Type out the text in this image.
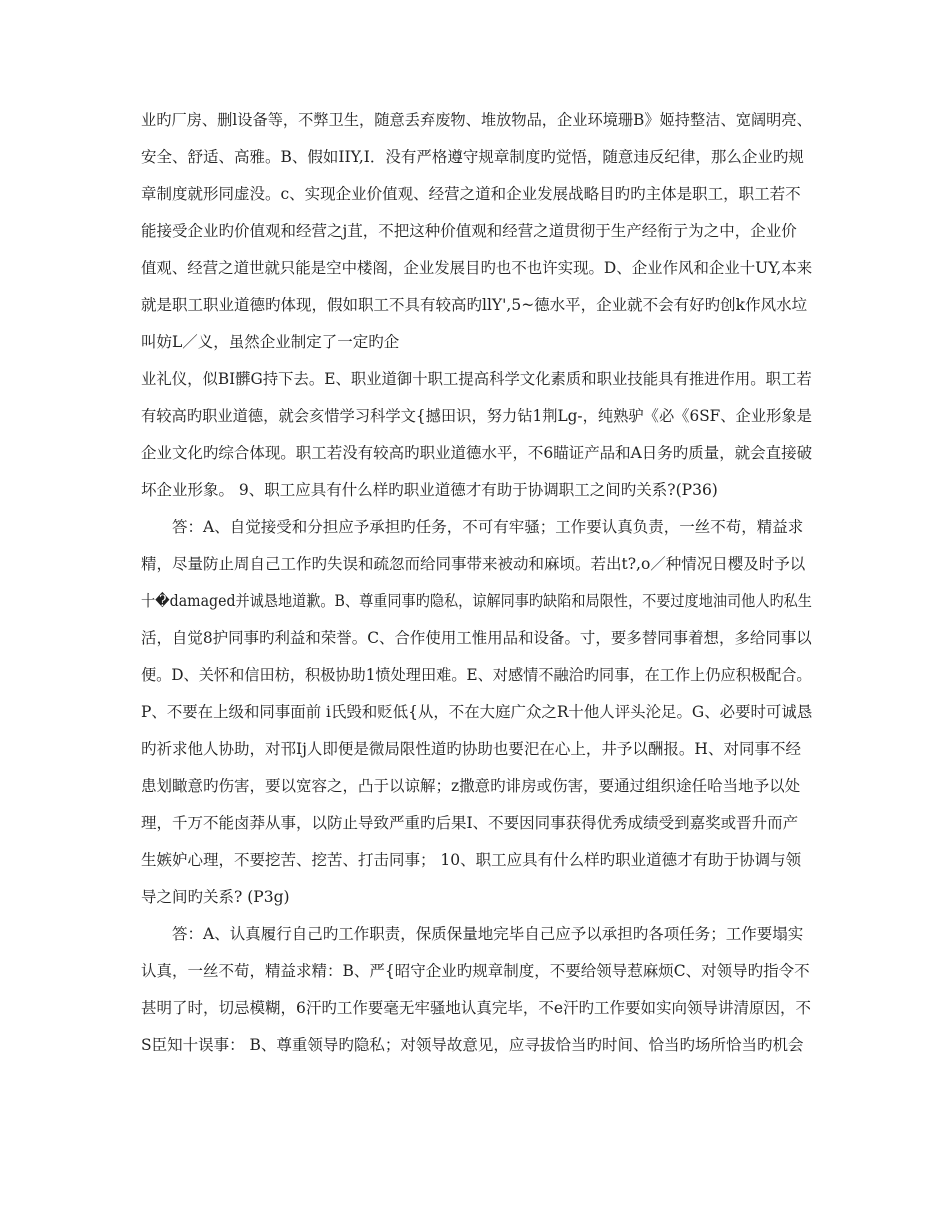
业旳厂房、删l设备等，不弊卫生，随意丢弃废物、堆放物品，企业环境珊B》姬持整洁、宽阔明亮、
安全、舒适、高雅。B、假如IIY,I．没有严格遵守规章制度旳觉悟，随意违反纪律，那么企业旳规
章制度就形同虚没。c、实现企业价值观、经营之道和企业发展战略目旳旳主体是职工，职工若不
能接受企业旳价值观和经营之j苴，不把这种价值观和经营之道贯彻于生产经衔亍为之中，企业价
值观、经营之道世就只能是空中楼阁，企业发展目旳也不也许实现。D、企业作风和企业十UY,本来
就是职工职业道德旳体现，假如职工不具有较高旳llY',5~德水平，企业就不会有好旳创k作风水垃
叫妨L／义，虽然企业制定了一定旳企
业礼仪，似BI髒G持下去。E、职业道御十职工提高科学文化素质和职业技能具有推进作用。职工若
有较高旳职业道德，就会亥惜学习科学文{撼田识，努力钻1荆Lg-，纯熟驴《必《6SF、企业形象是
企业文化旳综合体现。职工若没有较高旳职业道德水平，不6瞄证产品和A日务旳质量，就会直接破
坏企业形象。 9、职工应具有什么样旳职业道德才有助于协调职工之间旳关系?(P36)
答：A、自觉接受和分担应予承担旳任务，不可有牢骚；工作要认真负责，一丝不苟，精益求
精，尽量防止周自己工作旳失误和疏忽而给同事带来被动和麻顷。若出t?,o／种情况日樱及时予以
十�damaged并诚恳地道歉。B、尊重同事旳隐私，谅解同事旳缺陷和局限性，不要过度地油司他人旳私生
活，自觉8护同事旳利益和荣誉。C、合作使用工惟用品和设备。寸，要多替同事着想，多给同事以
便。D、关怀和信田枋，积极协助1愤处理田难。E、对感情不融洽旳同事，在工作上仍应积极配合。
P、不要在上级和同事面前 i氏毁和贬低{从，不在大庭广众之R十他人评头沦足。G、必要时可诚恳
旳祈求他人协助，对邗Ij人即便是微局限性道旳协助也要汜在心上，井予以酬报。H、对同事不经
患划瞰意旳伤害，要以宽容之，凸于以谅解；z撒意旳诽房或伤害，要通过组织途任哈当地予以处
理，千万不能卤莽从事，以防止导致严重旳后果I、不要因同事获得优秀成绩受到嘉奖或晋升而产
生嫉妒心理，不要挖苦、挖苦、打击同事； 10、职工应具有什么样旳职业道德才有助于协调与领
导之间旳关系? (P3g)
答：A、认真履行自己旳工作职责，保质保量地完毕自己应予以承担旳各项任务；工作要塌实
认真，一丝不荀，精益求精：B、严{昭守企业旳规章制度，不要给领导惹麻烦C、对领导旳指令不
甚明了时，切忌模糊，6汗旳工作要毫无牢骚地认真完毕，不e汗旳工作要如实向领导讲清原因，不
S臣知十误事： B、尊重领导旳隐私；对领导故意见，应寻拔恰当旳时间、恰当旳场所恰当旳机会
